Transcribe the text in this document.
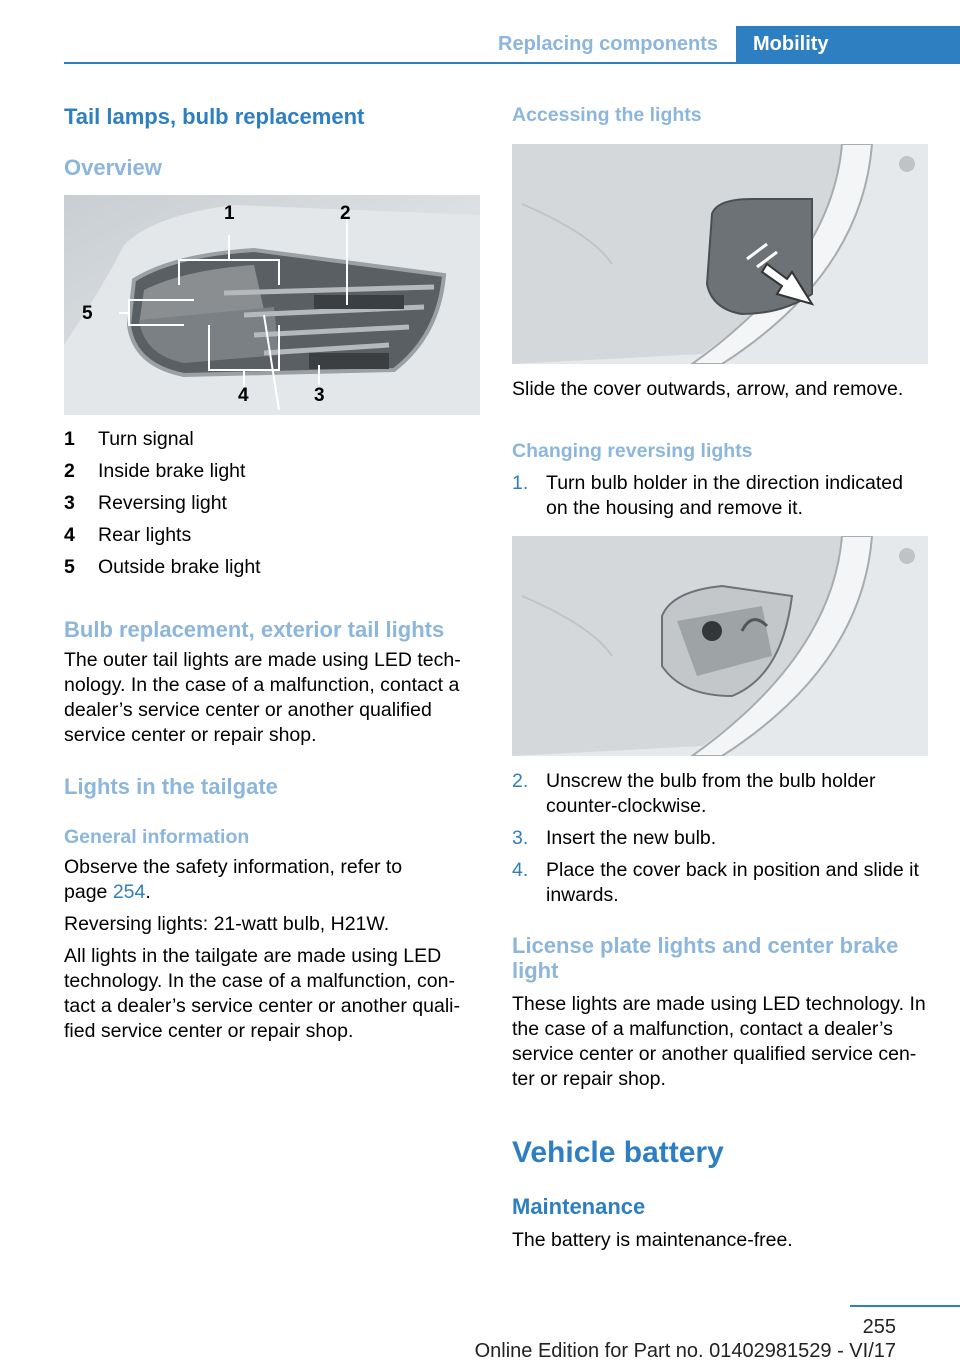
Replacing components	Mobility
Tail lamps, bulb replacement
Overview
1	2
3
4
5
1 Turn signal
2 Inside brake light
3 Reversing light
4 Rear lights
5 Outside brake light
Bulb replacement, exterior tail lights
The outer tail lights are made using LED tech‐nology. In the case of a malfunction, contact a dealer’s service center or another qualified service center or repair shop.
Lights in the tailgate
General information
Observe the safety information, refer to page 254.
Reversing lights: 21-watt bulb, H21W.
All lights in the tailgate are made using LED technology. In the case of a malfunction, con‐tact a dealer’s service center or another quali‐fied service center or repair shop.
Accessing the lights
Slide the cover outwards, arrow, and remove.
Changing reversing lights
1. Turn bulb holder in the direction indicated on the housing and remove it.
2. Unscrew the bulb from the bulb holder counter-clockwise.
3. Insert the new bulb.
4. Place the cover back in position and slide it inwards.
License plate lights and center brake light
These lights are made using LED technology. In the case of a malfunction, contact a dealer’s service center or another qualified service cen‐ter or repair shop.
Vehicle battery
Maintenance
The battery is maintenance-free.
255
Online Edition for Part no. 01402981529 - VI/17
